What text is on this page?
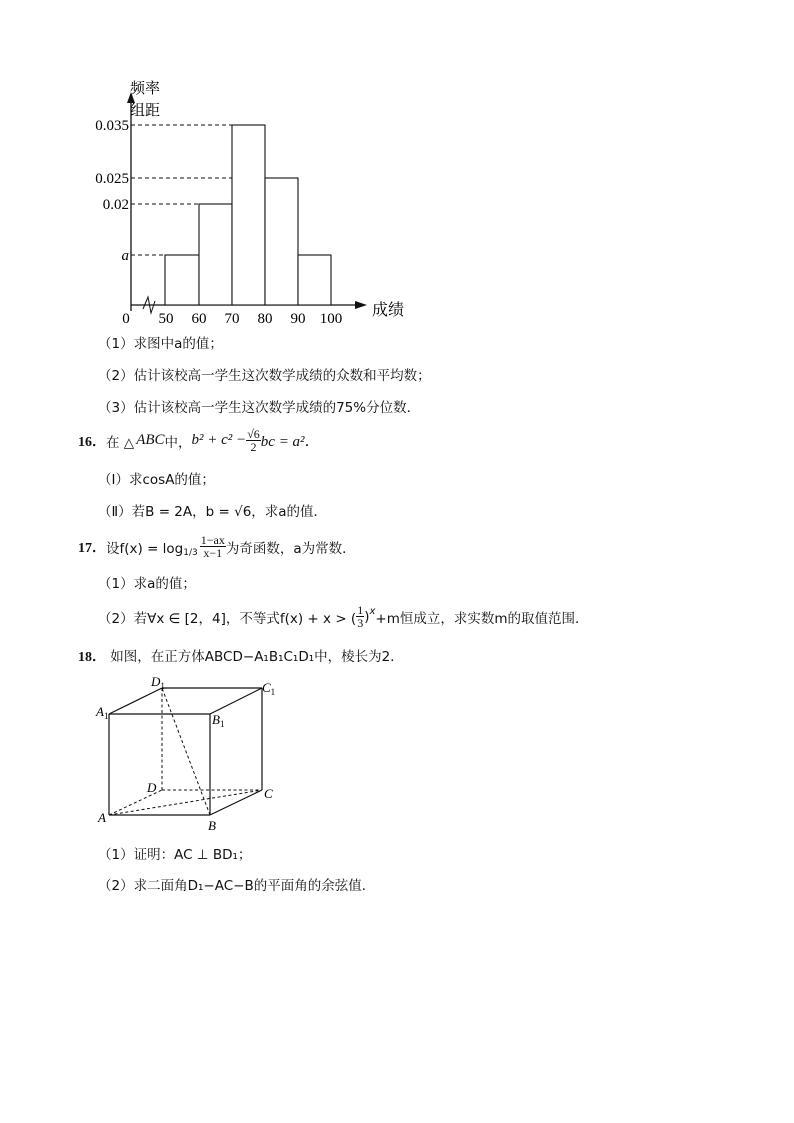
频率
组距
0.035
0.025
0.02
a
0 50 60 70 80 90 100 成绩
（1）求图中a的值；
（2）估计该校高一学生这次数学成绩的众数和平均数；
（3）估计该校高一学生这次数学成绩的75%分位数．
16． 在 △ ABC 中， $b^2 + c^2 - \frac{√6}{2}$ bc = a²．
（Ⅰ）求cosA的值；
（Ⅱ）若B = 2A，b = √6，求a的值．
17． 设$f(x) = \log 1/3 \frac{1-ax}{x-1}$ 为奇函数，a为常数．
（1）求a的值；
（2）若∀x ∈ [2，4]，不等式f(x) + x > ( $\frac{1}{3} )^x +m$恒成立，求实数m的取值范围．
18． 如图，在正方体ABCD−A₁B₁C₁D₁中，棱长为2．
A
B
C
D
$A_1$	$B_1$
$C_1$
$D_1$
（1）证明：AC ⊥ BD₁；
（2）求二面角D₁−AC−B的平面角的余弦值．
